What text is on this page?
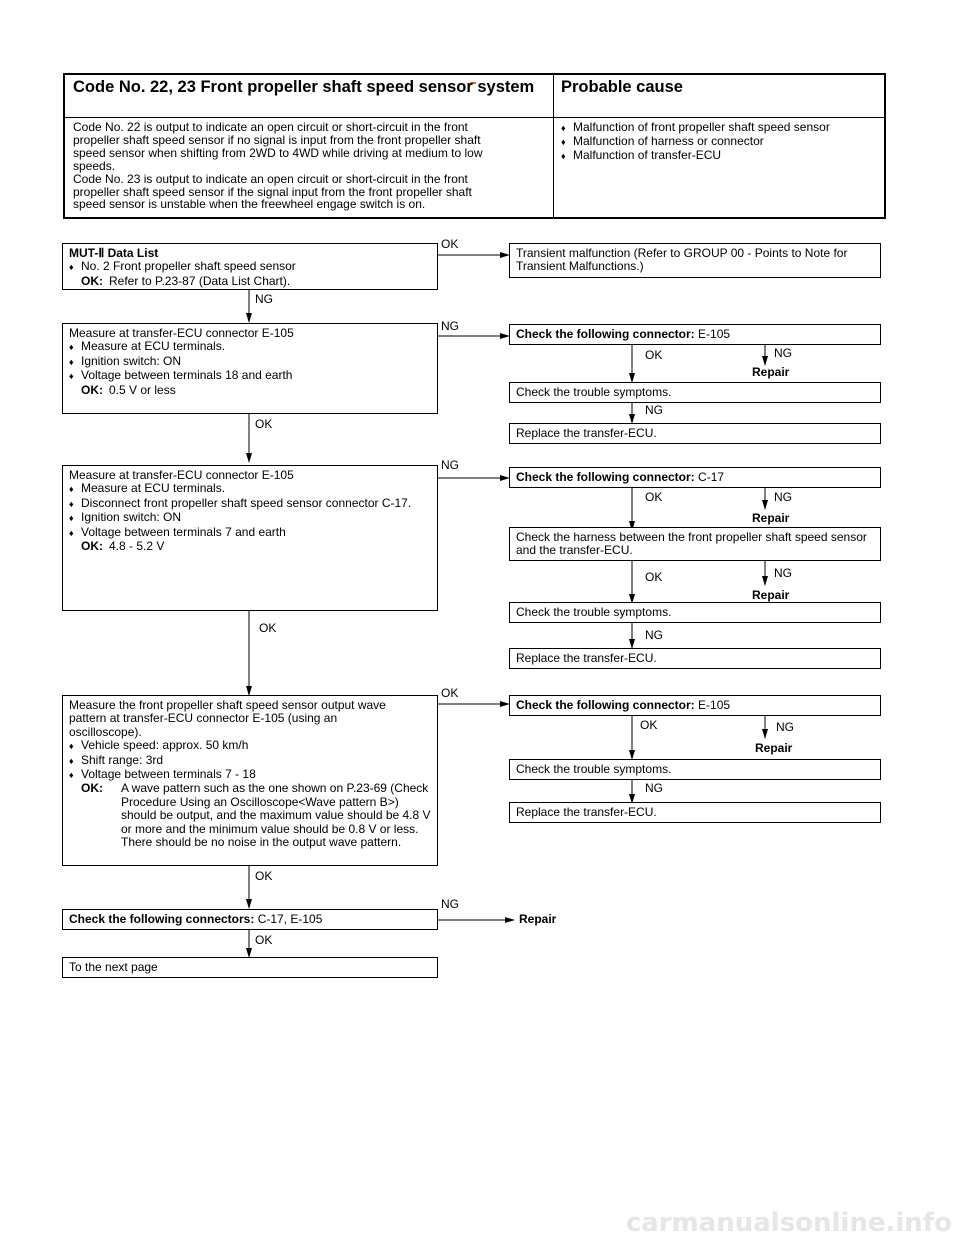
Code No. 22, 23 Front propeller shaft speed sensor system	Probable cause
Code No. 22 is output to indicate an open circuit or short-circuit in the front
propeller shaft speed sensor if no signal is input from the front propeller shaft
speed sensor when shifting from 2WD to 4WD while driving at medium to low
speeds.
Code No. 23 is output to indicate an open circuit or short-circuit in the front
propeller shaft speed sensor if the signal input from the front propeller shaft
speed sensor is unstable when the freewheel engage switch is on.
♦ Malfunction of front propeller shaft speed sensor
♦ Malfunction of harness or connector
♦ Malfunction of transfer-ECU
MUT-Ⅱ Data List
♦ No. 2 Front propeller shaft speed sensor
OK: Refer to P.23-87 (Data List Chart).
Transient malfunction (Refer to GROUP 00 - Points to Note for Transient Malfunctions.)
Measure at transfer-ECU connector E-105
♦ Measure at ECU terminals.
♦ Ignition switch: ON
♦ Voltage between terminals 18 and earth
OK: 0.5 V or less
Check the following connector: E-105
Check the trouble symptoms.
Replace the transfer-ECU.
Measure at transfer-ECU connector E-105
♦ Measure at ECU terminals.
♦ Disconnect front propeller shaft speed sensor connector C-17.
♦ Ignition switch: ON
♦ Voltage between terminals 7 and earth
OK: 4.8 - 5.2 V
Check the following connector: C-17
Check the harness between the front propeller shaft speed sensor and the transfer-ECU.
Check the trouble symptoms.
Replace the transfer-ECU.
Measure the front propeller shaft speed sensor output wave
pattern at transfer-ECU connector E-105 (using an
oscilloscope).
♦ Vehicle speed: approx. 50 km/h
♦ Shift range: 3rd
♦ Voltage between terminals 7 - 18
OK: A wave pattern such as the one shown on P.23-69 (Check Procedure Using an Oscilloscope<Wave pattern B>) should be output, and the maximum value should be 4.8 V or more and the minimum value should be 0.8 V or less.
There should be no noise in the output wave pattern.
Check the following connector: E-105
Check the trouble symptoms.
Replace the transfer-ECU.
Check the following connectors: C-17, E-105
To the next page
OK
NG
NG
OK	NG
Repair
NG
OK
NG
OK	NG
Repair
OK	NG
Repair
OK	NG
OK
OK	NG
Repair
NG
OK
NG
Repair
OK
carmanualsonline.info
